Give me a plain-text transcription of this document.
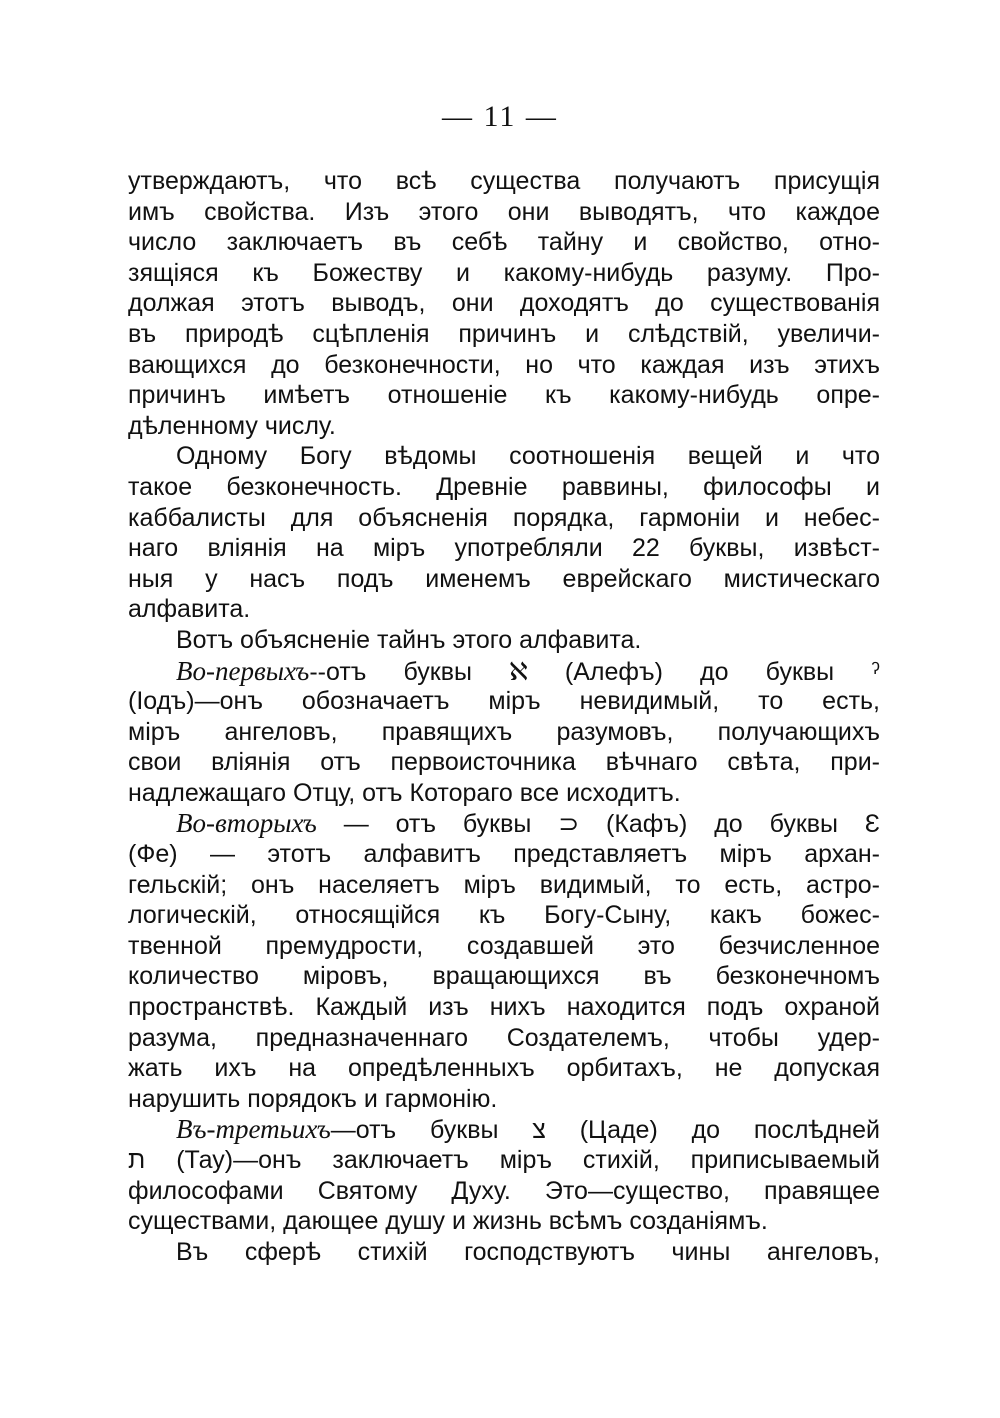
— 11 —
утверждаютъ, что всѣ существа получаютъ присущія
имъ свойства. Изъ этого они выводятъ, что каждое
число заключаетъ въ себѣ тайну и свойство, отно-
зящіяся къ Божеству и какому-нибудь разуму. Про-
должая этотъ выводъ, они доходятъ до существованія
въ природѣ сцѣпленія причинъ и слѣдствій, увеличи-
вающихся до безконечности, но что каждая изъ этихъ
причинъ имѣетъ отношеніе къ какому-нибудь опре-
дѣленному числу.
Одному Богу вѣдомы соотношенія вещей и что
такое безконечность. Древніе раввины, философы и
каббалисты для объясненія порядка, гармоніи и небес-
наго вліянія на міръ употребляли 22 буквы, извѣст-
ныя у насъ подъ именемъ еврейскаго мистическаго
алфавита.
Вотъ объясненіе тайнъ этого алфавита.
Во-первыхъ--отъ буквы ℵ (Алефъ) до буквы ˀ
(Іодъ)—онъ обозначаетъ міръ невидимый, то есть,
міръ ангеловъ, правящихъ разумовъ, получающихъ
свои вліянія отъ первоисточника вѣчнаго свѣта, при-
надлежащаго Отцу, отъ Котораго все исходитъ.
Во-вторыхъ — отъ буквы ⊃ (Кафъ) до буквы Ɛ
(Фе) — этотъ алфавитъ представляетъ міръ архан-
гельскій; онъ населяетъ міръ видимый, то есть, астро-
логическій, относящійся къ Богу-Сыну, какъ божес-
твенной премудрости, создавшей это безчисленное
количество міровъ, вращающихся въ безконечномъ
пространствѣ. Каждый изъ нихъ находится подъ охраной
разума, предназначеннаго Создателемъ, чтобы удер-
жать ихъ на опредѣленныхъ орбитахъ, не допуская
нарушить порядокъ и гармонію.
Въ-третьихъ—отъ буквы צ (Цаде) до послѣдней
ת (Тау)—онъ заключаетъ міръ стихій, приписываемый
философами Святому Духу. Это—существо, правящее
существами, дающее душу и жизнь всѣмъ созданіямъ.
Въ сферѣ стихій господствуютъ чины ангеловъ,
